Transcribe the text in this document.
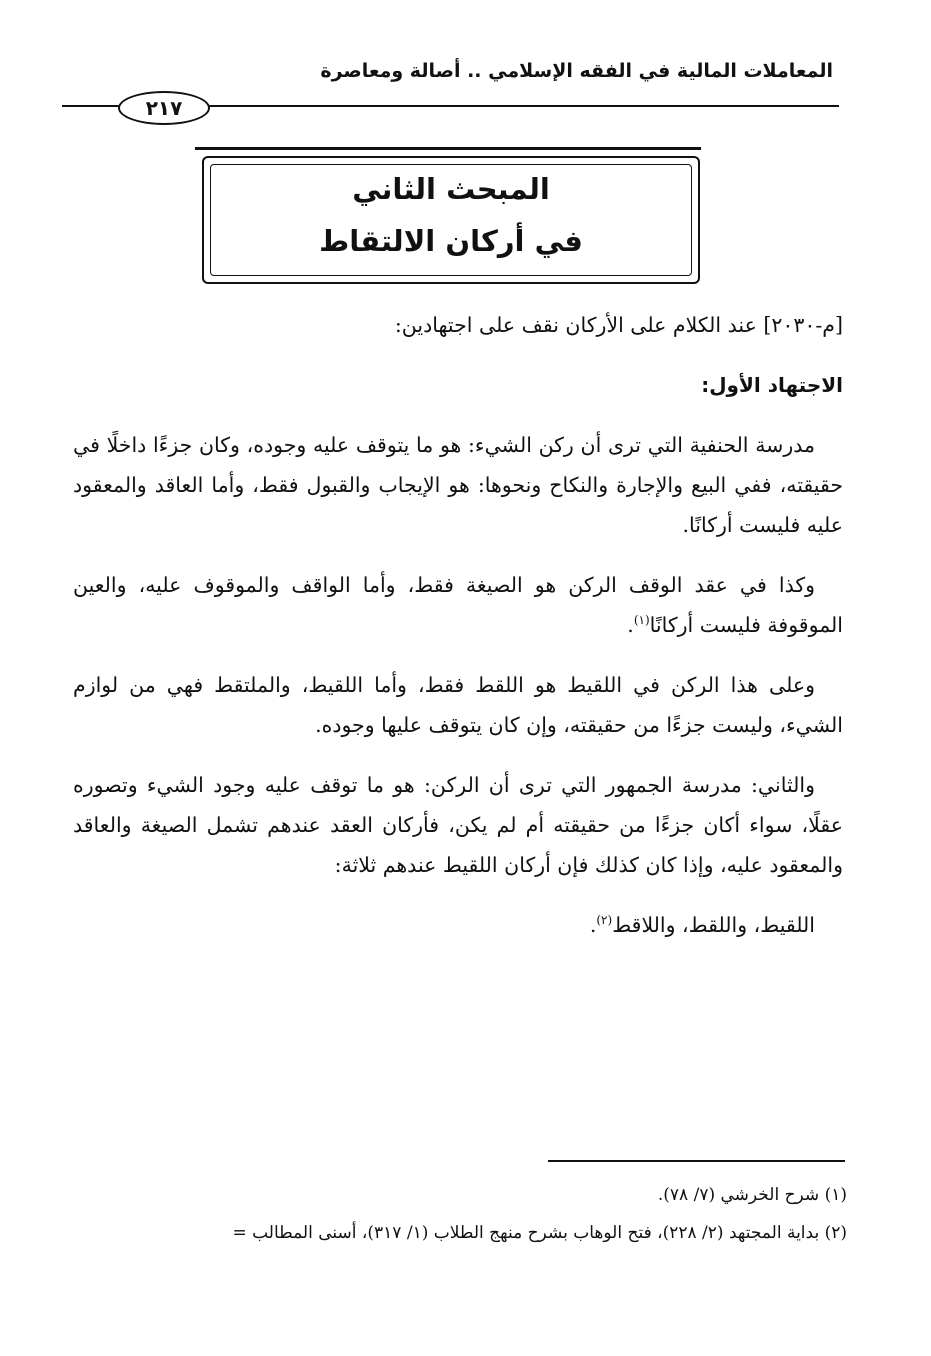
المعاملات المالية في الفقه الإسلامي .. أصالة ومعاصرة
٢١٧
المبحث الثاني
في أركان الالتقاط

[م-٢٠٣٠] عند الكلام على الأركان نقف على اجتهادين:

الاجتهاد الأول:

مدرسة الحنفية التي ترى أن ركن الشيء: هو ما يتوقف عليه وجوده، وكان جزءًا داخلًا في حقيقته، ففي البيع والإجارة والنكاح ونحوها: هو الإيجاب والقبول فقط، وأما العاقد والمعقود عليه فليست أركانًا.

وكذا في عقد الوقف الركن هو الصيغة فقط، وأما الواقف والموقوف عليه، والعين الموقوفة فليست أركانًا$^{(١)}$.

وعلى هذا الركن في اللقيط هو اللقط فقط، وأما اللقيط، والملتقط فهي من لوازم الشيء، وليست جزءًا من حقيقته، وإن كان يتوقف عليها وجوده.

والثاني: مدرسة الجمهور التي ترى أن الركن: هو ما توقف عليه وجود الشيء وتصوره عقلًا، سواء أكان جزءًا من حقيقته أم لم يكن، فأركان العقد عندهم تشمل الصيغة والعاقد والمعقود عليه، وإذا كان كذلك فإن أركان اللقيط عندهم ثلاثة:

اللقيط، واللقط، واللاقط$^{(٢)}$.

(١) شرح الخرشي (٧/ ٧٨).
(٢) بداية المجتهد (٢/ ٢٢٨)، فتح الوهاب بشرح منهج الطلاب (١/ ٣١٧)، أسنى المطالب =
